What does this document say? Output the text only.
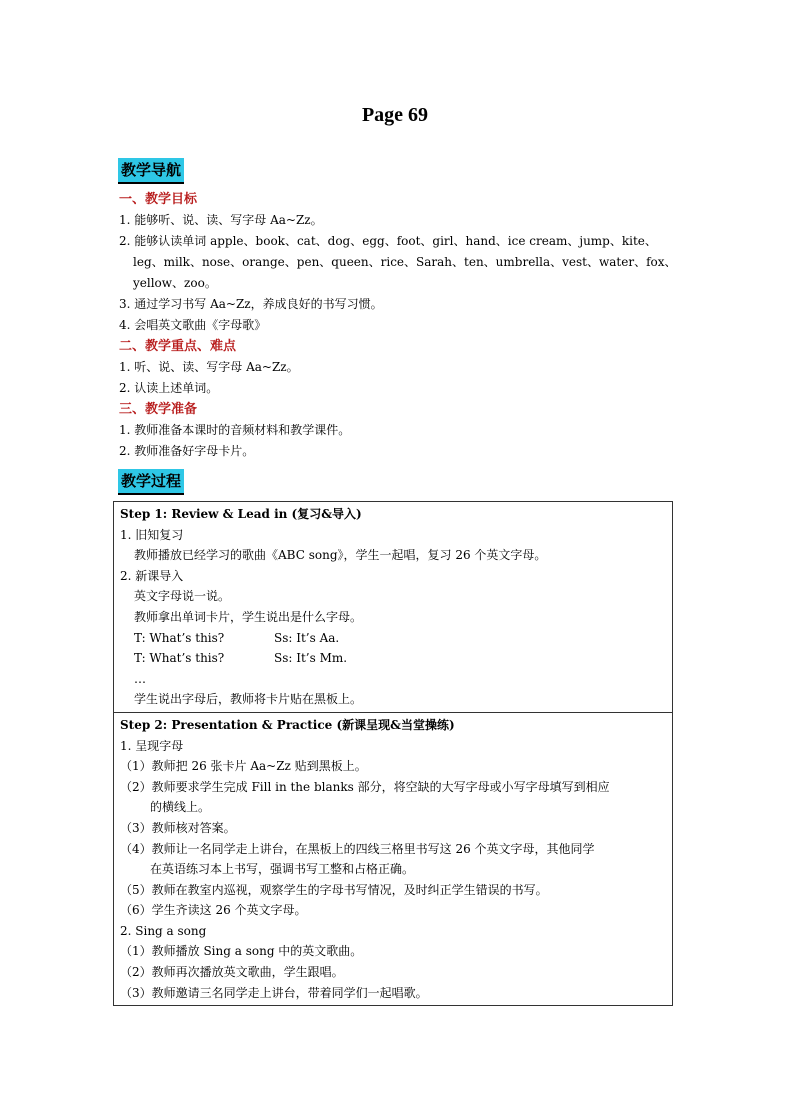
Page 69
教学导航
一、教学目标
1. 能够听、说、读、写字母 Aa~Zz。
2. 能够认读单词 apple、book、cat、dog、egg、foot、girl、hand、ice cream、jump、kite、
leg、milk、nose、orange、pen、queen、rice、Sarah、ten、umbrella、vest、water、fox、
yellow、zoo。
3. 通过学习书写 Aa~Zz，养成良好的书写习惯。
4. 会唱英文歌曲《字母歌》
二、教学重点、难点
1. 听、说、读、写字母 Aa~Zz。
2. 认读上述单词。
三、教学准备
1. 教师准备本课时的音频材料和教学课件。
2. 教师准备好字母卡片。
教学过程
Step 1: Review & Lead in (复习&导入)
1. 旧知复习
教师播放已经学习的歌曲《ABC song》，学生一起唱，复习 26 个英文字母。
2. 新课导入
英文字母说一说。
教师拿出单词卡片，学生说出是什么字母。
T: What’s this?	Ss: It’s Aa.
T: What’s this?	Ss: It’s Mm.
…
学生说出字母后，教师将卡片贴在黑板上。
Step 2: Presentation & Practice (新课呈现&当堂操练)
1. 呈现字母
（1）教师把 26 张卡片 Aa~Zz 贴到黑板上。
（2）教师要求学生完成 Fill in the blanks 部分，将空缺的大写字母或小写字母填写到相应
的横线上。
（3）教师核对答案。
（4）教师让一名同学走上讲台，在黑板上的四线三格里书写这 26 个英文字母，其他同学
在英语练习本上书写，强调书写工整和占格正确。
（5）教师在教室内巡视，观察学生的字母书写情况，及时纠正学生错误的书写。
（6）学生齐读这 26 个英文字母。
2. Sing a song
（1）教师播放 Sing a song 中的英文歌曲。
（2）教师再次播放英文歌曲，学生跟唱。
（3）教师邀请三名同学走上讲台，带着同学们一起唱歌。
